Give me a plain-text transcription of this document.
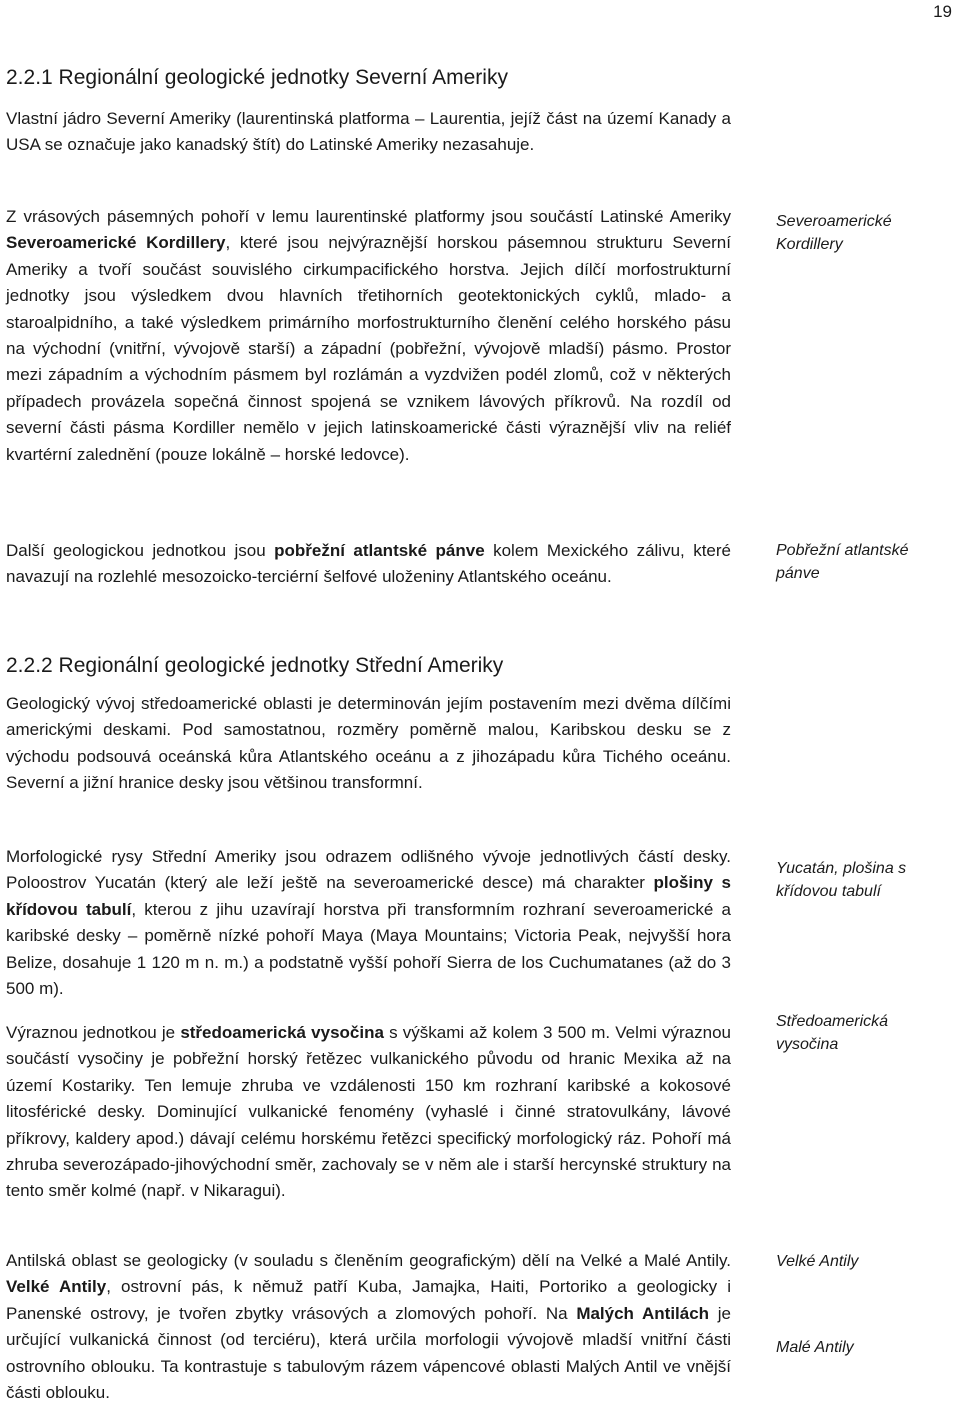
19
2.2.1 Regionální geologické jednotky Severní Ameriky

Vlastní jádro Severní Ameriky (laurentinská platforma – Laurentia, jejíž část na území Kanady a USA se označuje jako kanadský štít) do Latinské Ameriky nezasahuje.

Z vrásových pásemných pohoří v lemu laurentinské platformy jsou součástí Latinské Ameriky Severoamerické Kordillery, které jsou nejvýraznější horskou pásemnou strukturu Severní Ameriky a tvoří součást souvislého cirkumpacifického horstva. Jejich dílčí morfostrukturní jednotky jsou výsledkem dvou hlavních třetihorních geotektonických cyklů, mlado- a staroalpidního, a také výsledkem primárního morfostrukturního členění celého horského pásu na východní (vnitřní, vývojově starší) a západní (pobřežní, vývojově mladší) pásmo. Prostor mezi západním a východním pásmem byl rozlámán a vyzdvižen podél zlomů, což v některých případech provázela sopečná činnost spojená se vznikem lávových příkrovů. Na rozdíl od severní části pásma Kordiller nemělo v jejich latinskoamerické části výraznější vliv na reliéf kvartérní zalednění (pouze lokálně – horské ledovce).

Další geologickou jednotkou jsou pobřežní atlantské pánve kolem Mexického zálivu, které navazují na rozlehlé mesozoicko-terciérní šelfové uloženiny Atlantského oceánu.

Severoamerické Kordillery

Pobřežní atlantské pánve

2.2.2 Regionální geologické jednotky Střední Ameriky

Geologický vývoj středoamerické oblasti je determinován jejím postavením mezi dvěma dílčími americkými deskami. Pod samostatnou, rozměry poměrně malou, Karibskou desku se z východu podsouvá oceánská kůra Atlantského oceánu a z jihozápadu kůra Tichého oceánu. Severní a jižní hranice desky jsou většinou transformní.

Morfologické rysy Střední Ameriky jsou odrazem odlišného vývoje jednotlivých částí desky. Poloostrov Yucatán (který ale leží ještě na severoamerické desce) má charakter plošiny s křídovou tabulí, kterou z jihu uzavírají horstva při transformním rozhraní severoamerické a karibské desky – poměrně nízké pohoří Maya (Maya Mountains; Victoria Peak, nejvyšší hora Belize, dosahuje 1 120 m n. m.) a podstatně vyšší pohoří Sierra de los Cuchumatanes (až do 3 500 m).

Výraznou jednotkou je středoamerická vysočina s výškami až kolem 3 500 m. Velmi výraznou součástí vysočiny je pobřežní horský řetězec vulkanického původu od hranic Mexika až na území Kostariky. Ten lemuje zhruba ve vzdálenosti 150 km rozhraní karibské a kokosové litosférické desky. Dominující vulkanické fenomény (vyhaslé i činné stratovulkány, lávové příkrovy, kaldery apod.) dávají celému horskému řetězci specifický morfologický ráz. Pohoří má zhruba severozápado-jihovýchodní směr, zachovaly se v něm ale i starší hercynské struktury na tento směr kolmé (např. v Nikaragui).

Antilská oblast se geologicky (v souladu s členěním geografickým) dělí na Velké a Malé Antily. Velké Antily, ostrovní pás, k němuž patří Kuba, Jamajka, Haiti, Portoriko a geologicky i Panenské ostrovy, je tvořen zbytky vrásových a zlomových pohoří. Na Malých Antilách je určující vulkanická činnost (od terciéru), která určila morfologii vývojově mladší vnitřní části ostrovního oblouku. Ta kontrastuje s tabulovým rázem vápencové oblasti Malých Antil ve vnější části oblouku.

Yucatán, plošina s křídovou tabulí

Středoamerická vysočina

Velké Antily

Malé Antily
